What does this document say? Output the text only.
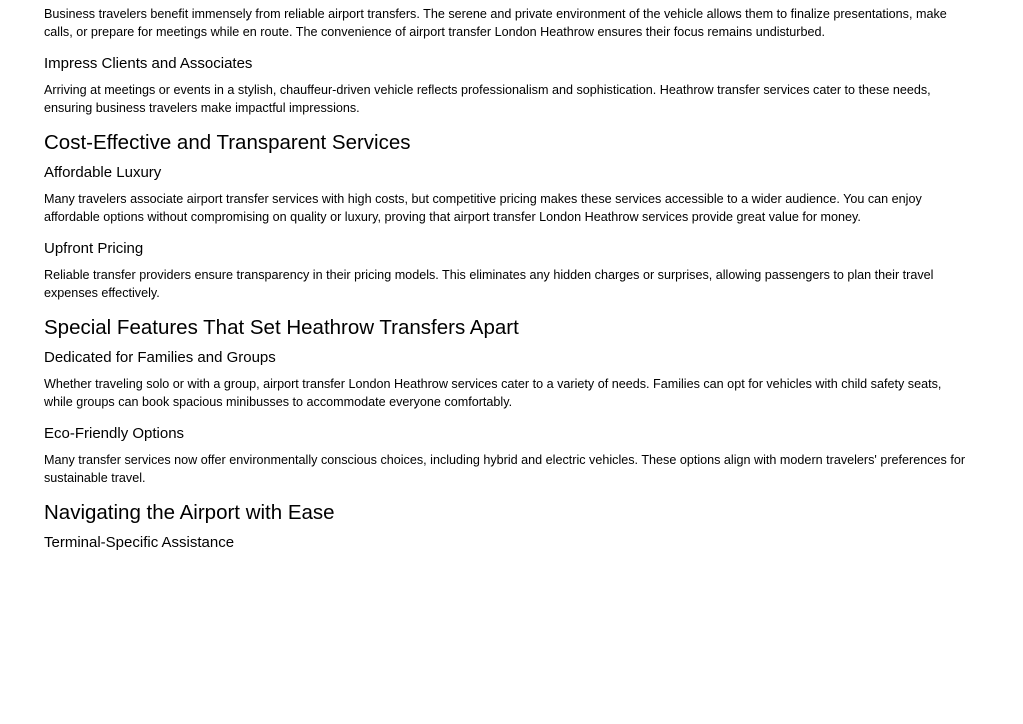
Business travelers benefit immensely from reliable airport transfers. The serene and private environment of the vehicle allows them to finalize presentations, make calls, or prepare for meetings while en route. The convenience of airport transfer London Heathrow ensures their focus remains undisturbed.

Impress Clients and Associates

Arriving at meetings or events in a stylish, chauffeur-driven vehicle reflects professionalism and sophistication. Heathrow transfer services cater to these needs, ensuring business travelers make impactful impressions.

Cost-Effective and Transparent Services
Affordable Luxury

Many travelers associate airport transfer services with high costs, but competitive pricing makes these services accessible to a wider audience. You can enjoy affordable options without compromising on quality or luxury, proving that airport transfer London Heathrow services provide great value for money.

Upfront Pricing

Reliable transfer providers ensure transparency in their pricing models. This eliminates any hidden charges or surprises, allowing passengers to plan their travel expenses effectively.

Special Features That Set Heathrow Transfers Apart
Dedicated for Families and Groups

Whether traveling solo or with a group, airport transfer London Heathrow services cater to a variety of needs. Families can opt for vehicles with child safety seats, while groups can book spacious minibusses to accommodate everyone comfortably.

Eco-Friendly Options

Many transfer services now offer environmentally conscious choices, including hybrid and electric vehicles. These options align with modern travelers' preferences for sustainable travel.

Navigating the Airport with Ease
Terminal-Specific Assistance
